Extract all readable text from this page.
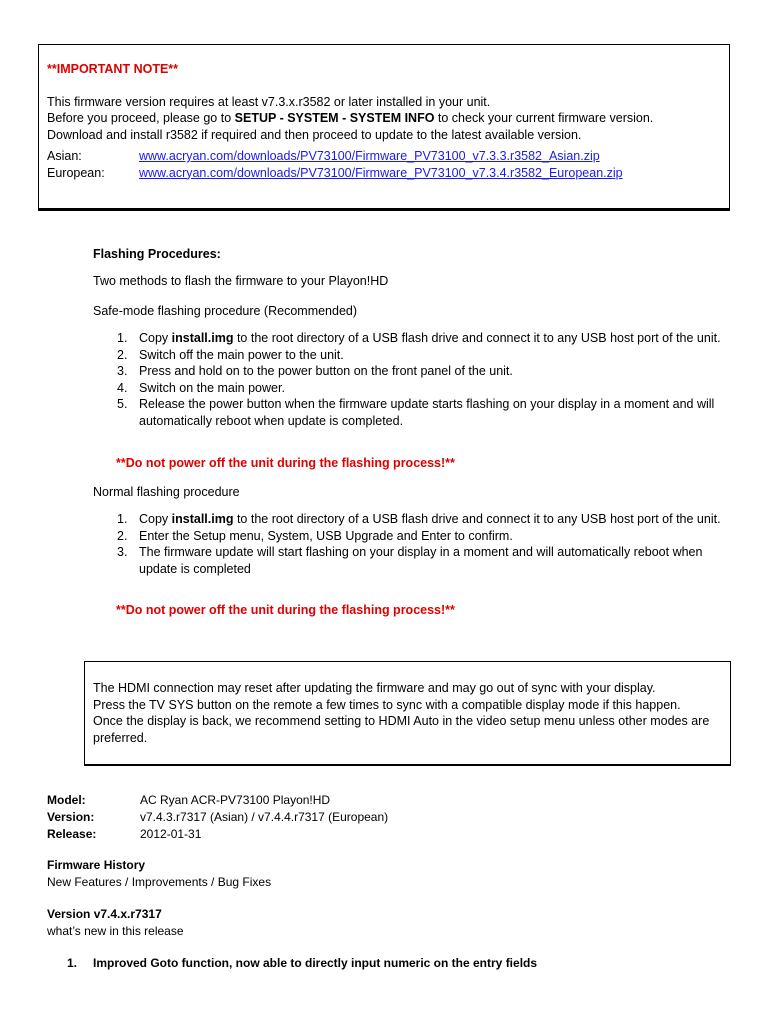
**IMPORTANT NOTE**
This firmware version requires at least v7.3.x.r3582 or later installed in your unit.
Before you proceed, please go to SETUP - SYSTEM - SYSTEM INFO to check your current firmware version.
Download and install r3582 if required and then proceed to update to the latest available version.
Asian:	www.acryan.com/downloads/PV73100/Firmware_PV73100_v7.3.3.r3582_Asian.zip
European:	www.acryan.com/downloads/PV73100/Firmware_PV73100_v7.3.4.r3582_European.zip
Flashing Procedures:
Two methods to flash the firmware to your Playon!HD
Safe-mode flashing procedure (Recommended)
1. Copy install.img to the root directory of a USB flash drive and connect it to any USB host port of the unit.
2. Switch off the main power to the unit.
3. Press and hold on to the power button on the front panel of the unit.
4. Switch on the main power.
5. Release the power button when the firmware update starts flashing on your display in a moment and will automatically reboot when update is completed.
**Do not power off the unit during the flashing process!**
Normal flashing procedure
1. Copy install.img to the root directory of a USB flash drive and connect it to any USB host port of the unit.
2. Enter the Setup menu, System, USB Upgrade and Enter to confirm.
3. The firmware update will start flashing on your display in a moment and will automatically reboot when update is completed
**Do not power off the unit during the flashing process!**
The HDMI connection may reset after updating the firmware and may go out of sync with your display.
Press the TV SYS button on the remote a few times to sync with a compatible display mode if this happen.
Once the display is back, we recommend setting to HDMI Auto in the video setup menu unless other modes are preferred.
Model:	AC Ryan ACR-PV73100 Playon!HD
Version:	v7.4.3.r7317 (Asian) / v7.4.4.r7317 (European)
Release:	2012-01-31
Firmware History
New Features / Improvements / Bug Fixes
Version v7.4.x.r7317
what’s new in this release
1.	Improved Goto function, now able to directly input numeric on the entry fields
